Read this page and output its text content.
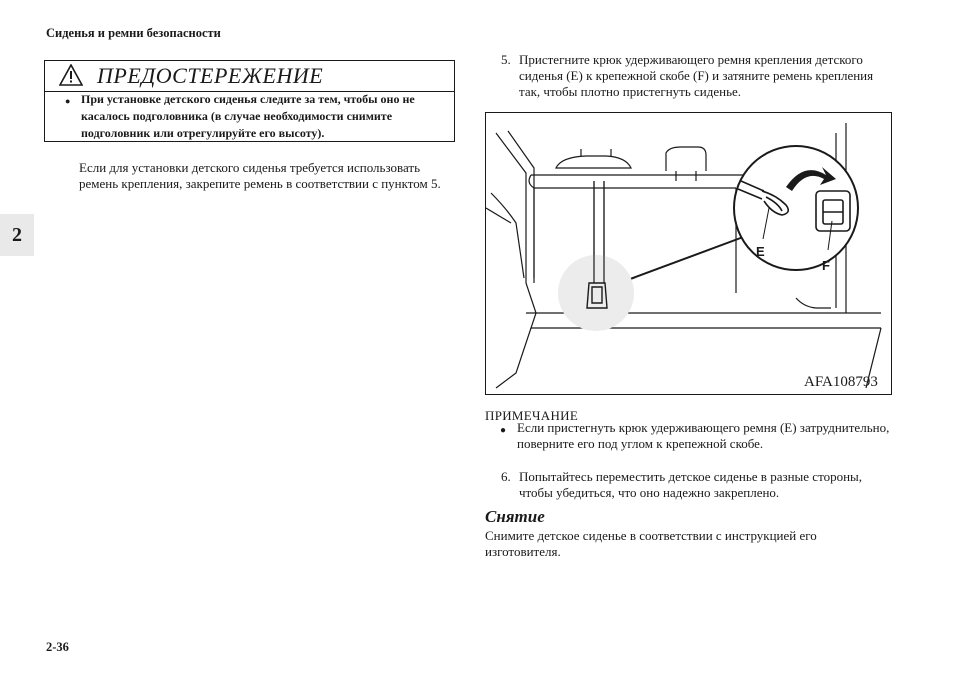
Сиденья и ремни безопасности
2
ПРЕДОСТЕРЕЖЕНИЕ
● При установке детского сиденья следите за тем, чтобы оно не касалось подголовника (в случае необходимости снимите подголовник или отрегулируйте его высоту).
Если для установки детского сиденья требуется использовать ремень крепления, закрепите ремень в соответствии с пунктом 5.
5. Пристегните крюк удерживающего ремня крепления детского сиденья (E) к крепежной скобе (F) и затяните ремень крепления так, чтобы плотно пристегнуть сиденье.
E
F
AFA108793
ПРИМЕЧАНИЕ
● Если пристегнуть крюк удерживающего ремня (E) затруднительно, поверните его под углом к крепежной скобе.
6. Попытайтесь переместить детское сиденье в разные стороны, чтобы убедиться, что оно надежно закреплено.
Снятие
Снимите детское сиденье в соответствии с инструкцией его изготовителя.
2-36
